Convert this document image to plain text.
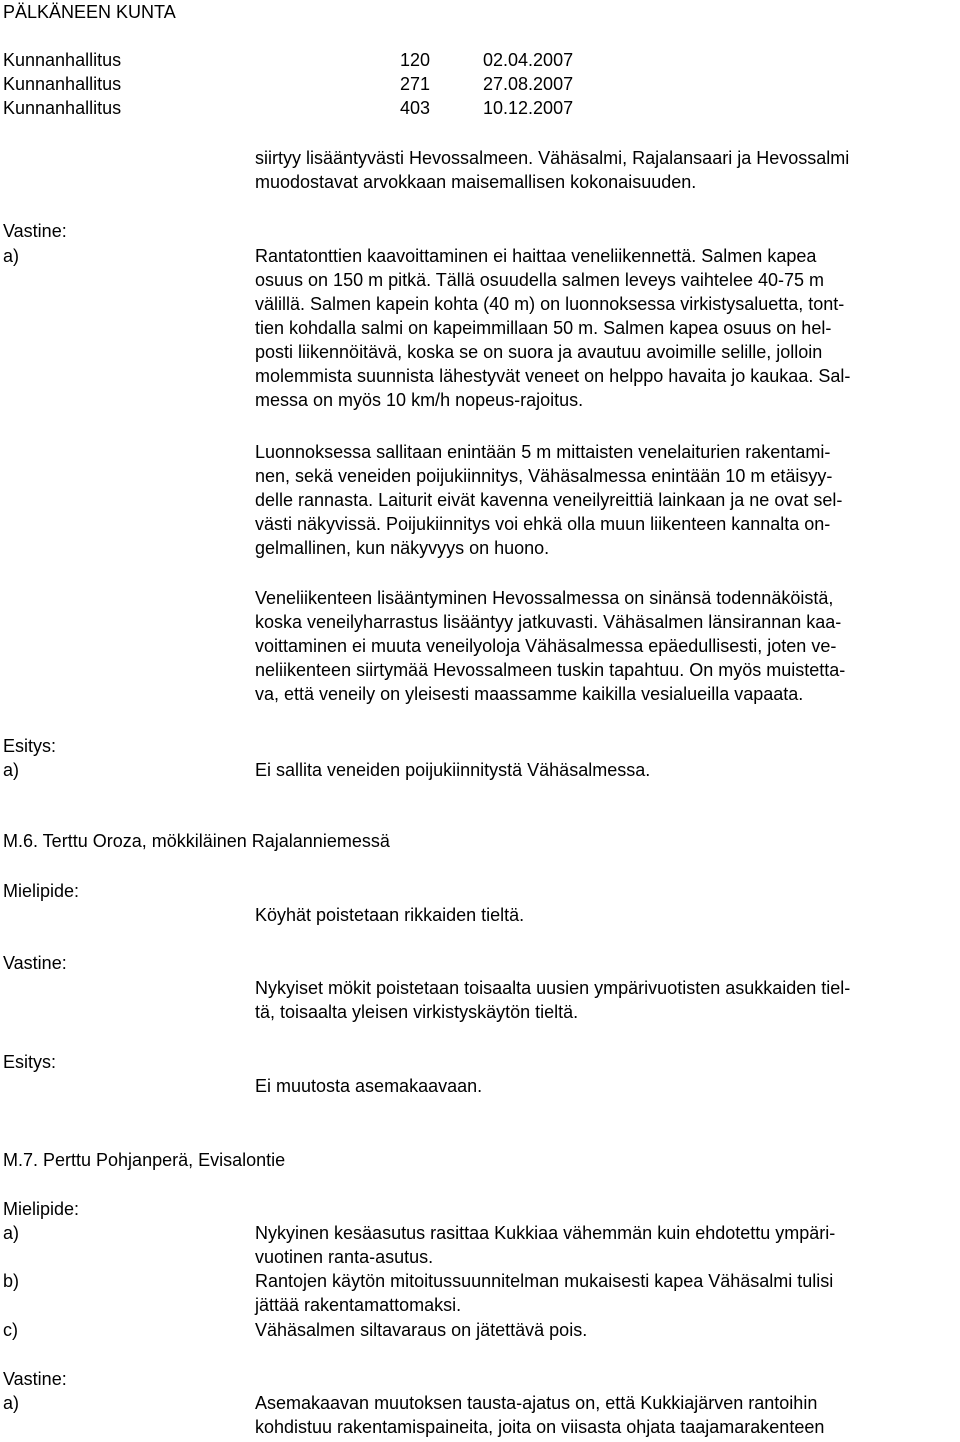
PÄLKÄNEEN KUNTA
Kunnanhallitus	120	02.04.2007
Kunnanhallitus	271	27.08.2007
Kunnanhallitus	403	10.12.2007
siirtyy lisääntyvästi Hevossalmeen. Vähäsalmi, Rajalansaari ja Hevossalmi
muodostavat arvokkaan maisemallisen kokonaisuuden.
Vastine:
a)	Rantatonttien kaavoittaminen ei haittaa veneliikennettä. Salmen kapea
osuus on 150 m pitkä. Tällä osuudella salmen leveys vaihtelee 40-75 m
välillä. Salmen kapein kohta (40 m) on luonnoksessa virkistysaluetta, tont-
tien kohdalla salmi on kapeimmillaan 50 m. Salmen kapea osuus on hel-
posti liikennöitävä, koska se on suora ja avautuu avoimille selille, jolloin
molemmista suunnista lähestyvät veneet on helppo havaita jo kaukaa. Sal-
messa on myös 10 km/h nopeus-rajoitus.
Luonnoksessa sallitaan enintään 5 m mittaisten venelaiturien rakentami-
nen, sekä veneiden poijukiinnitys, Vähäsalmessa enintään 10 m etäisyy-
delle rannasta. Laiturit eivät kavenna veneilyreittiä lainkaan ja ne ovat sel-
västi näkyvissä. Poijukiinnitys voi ehkä olla muun liikenteen kannalta on-
gelmallinen, kun näkyvyys on huono.
Veneliikenteen lisääntyminen Hevossalmessa on sinänsä todennäköistä,
koska veneilyharrastus lisääntyy jatkuvasti. Vähäsalmen länsirannan kaa-
voittaminen ei muuta veneilyoloja Vähäsalmessa epäedullisesti, joten ve-
neliikenteen siirtymää Hevossalmeen tuskin tapahtuu. On myös muistetta-
va, että veneily on yleisesti maassamme kaikilla vesialueilla vapaata.
Esitys:
a)	Ei sallita veneiden poijukiinnitystä Vähäsalmessa.
M.6. Terttu Oroza, mökkiläinen Rajalanniemessä
Mielipide:
Köyhät poistetaan rikkaiden tieltä.
Vastine:
Nykyiset mökit poistetaan toisaalta uusien ympärivuotisten asukkaiden tiel-
tä, toisaalta yleisen virkistyskäytön tieltä.
Esitys:
Ei muutosta asemakaavaan.
M.7. Perttu Pohjanperä, Evisalontie
Mielipide:
a)	Nykyinen kesäasutus rasittaa Kukkiaa vähemmän kuin ehdotettu ympäri-
vuotinen ranta-asutus.
b)	Rantojen käytön mitoitussuunnitelman mukaisesti kapea Vähäsalmi tulisi
jättää rakentamattomaksi.
c)	Vähäsalmen siltavaraus on jätettävä pois.
Vastine:
a)	Asemakaavan muutoksen tausta-ajatus on, että Kukkiajärven rantoihin
kohdistuu rakentamispaineita, joita on viisasta ohjata taajamarakenteen
